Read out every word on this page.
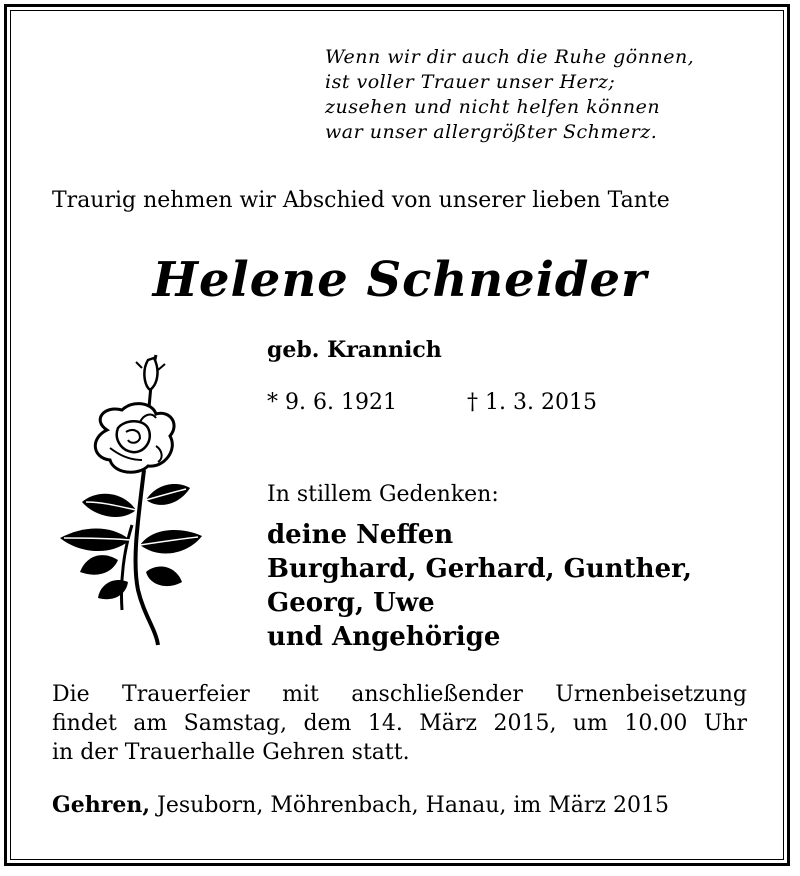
Wenn wir dir auch die Ruhe gönnen,
ist voller Trauer unser Herz;
zusehen und nicht helfen können
war unser allergrößter Schmerz.
Traurig nehmen wir Abschied von unserer lieben Tante
Helene Schneider
geb. Krannich
* 9. 6. 1921	† 1. 3. 2015
In stillem Gedenken:
deine Neffen
Burghard, Gerhard, Gunther,
Georg, Uwe
und Angehörige
Die Trauerfeier mit anschließender Urnenbeisetzung
findet am Samstag, dem 14. März 2015, um 10.00 Uhr
in der Trauerhalle Gehren statt.
Gehren, Jesuborn, Möhrenbach, Hanau, im März 2015
